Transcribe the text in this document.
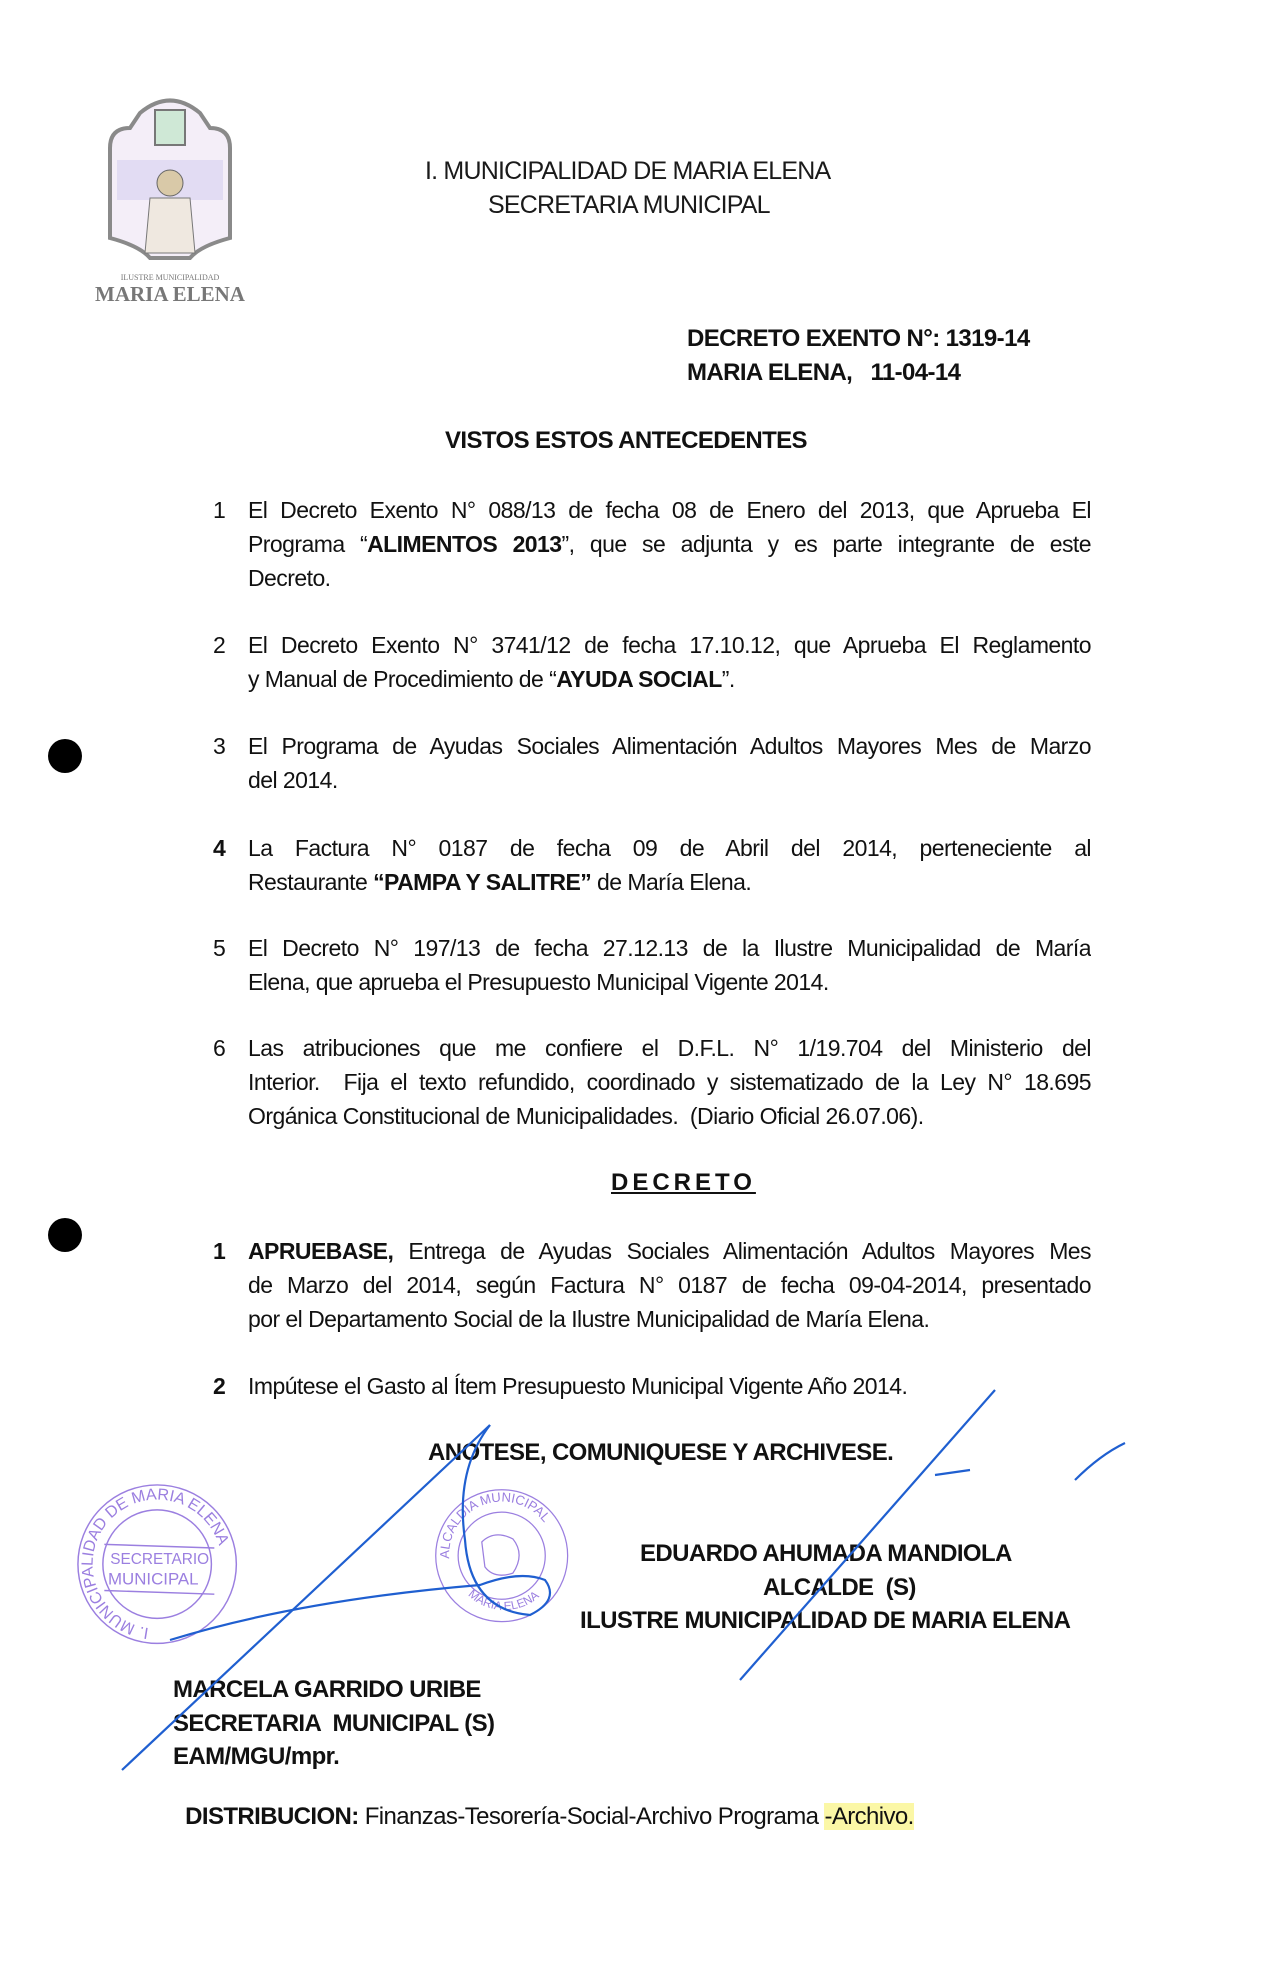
ILUSTRE MUNICIPALIDAD
MARIA ELENA
I. MUNICIPALIDAD DE MARIA ELENA
SECRETARIA MUNICIPAL
DECRETO EXENTO N°: 1319-14
MARIA ELENA,   11-04-14
VISTOS ESTOS ANTECEDENTES
1 El Decreto Exento N° 088/13 de fecha 08 de Enero del 2013, que Aprueba El
Programa “ALIMENTOS 2013”, que se adjunta y es parte integrante de este
Decreto.
2 El Decreto Exento N° 3741/12 de fecha 17.10.12, que Aprueba El Reglamento
y Manual de Procedimiento de “AYUDA SOCIAL”.
3 El Programa de Ayudas Sociales Alimentación Adultos Mayores Mes de Marzo
del 2014.
4 La Factura N° 0187 de fecha 09 de Abril del 2014, perteneciente al
Restaurante “PAMPA Y SALITRE” de María Elena.
5 El Decreto N° 197/13 de fecha 27.12.13 de la Ilustre Municipalidad de María
Elena, que aprueba el Presupuesto Municipal Vigente 2014.
6 Las atribuciones que me confiere el D.F.L. N° 1/19.704 del Ministerio del
Interior.  Fija el texto refundido, coordinado y sistematizado de la Ley N° 18.695
Orgánica Constitucional de Municipalidades.  (Diario Oficial 26.07.06).
DECRETO
1 APRUEBASE, Entrega de Ayudas Sociales Alimentación Adultos Mayores Mes
de Marzo del 2014, según Factura N° 0187 de fecha 09-04-2014, presentado
por el Departamento Social de la Ilustre Municipalidad de María Elena.
2 Impútese el Gasto al Ítem Presupuesto Municipal Vigente Año 2014.
I. MUNICIPALIDAD DE MARIA ELENA
SECRETARIO
MUNICIPAL
ALCALDIA MUNICIPAL
MARIA ELENA
ANOTESE, COMUNIQUESE Y ARCHIVESE.
EDUARDO AHUMADA MANDIOLA
ALCALDE  (S)
ILUSTRE MUNICIPALIDAD DE MARIA ELENA
MARCELA GARRIDO URIBE
SECRETARIA  MUNICIPAL (S)
EAM/MGU/mpr.

DISTRIBUCION: Finanzas-Tesorería-Social-Archivo Programa -Archivo.
